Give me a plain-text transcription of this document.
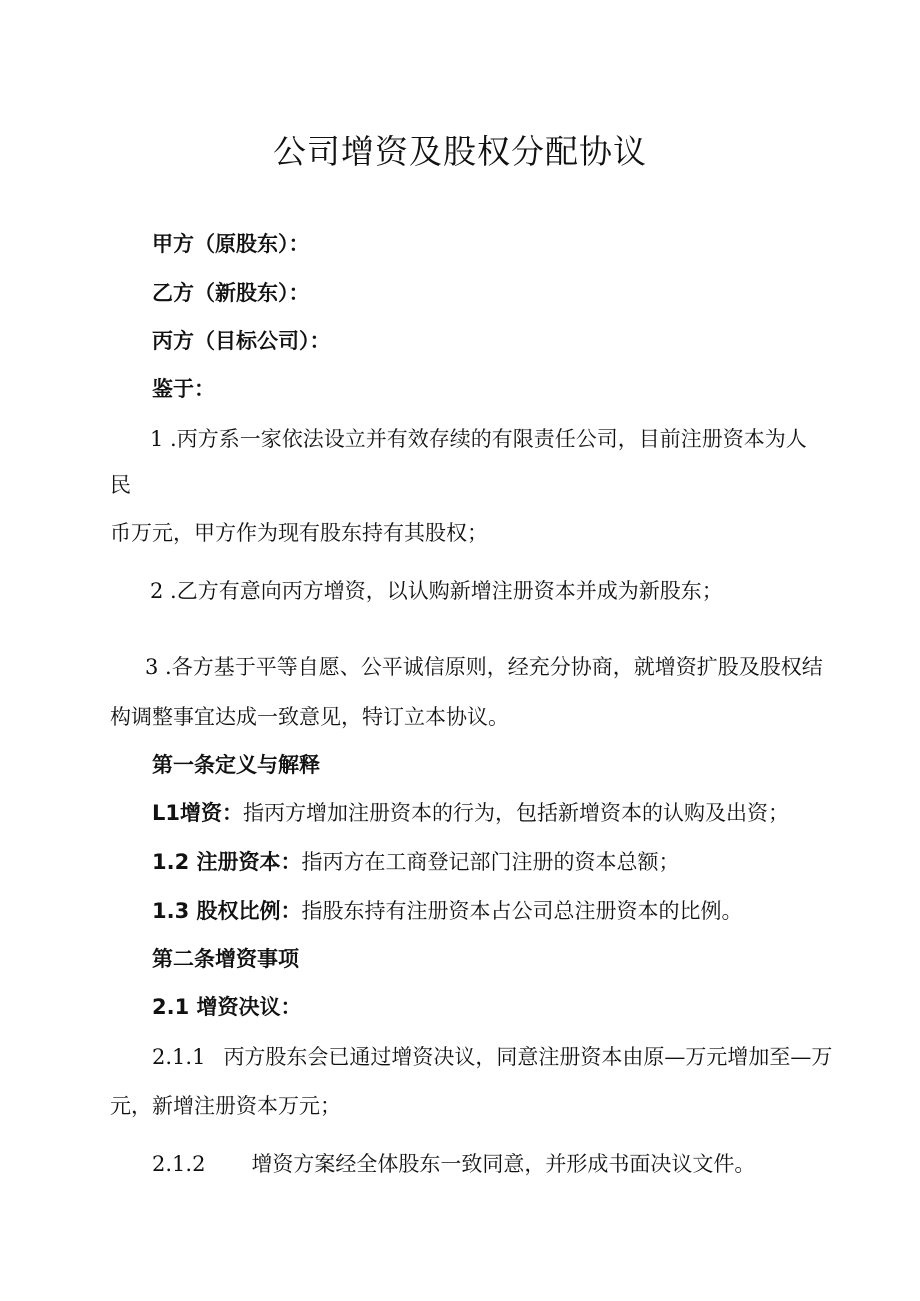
公司增资及股权分配协议
甲方（原股东）：
乙方（新股东）：
丙方（目标公司）：
鉴于：
1 .丙方系一家依法设立并有效存续的有限责任公司，目前注册资本为人
民
币万元，甲方作为现有股东持有其股权；
2 .乙方有意向丙方增资，以认购新增注册资本并成为新股东；
3 .各方基于平等自愿、公平诚信原则，经充分协商，就增资扩股及股权结
构调整事宜达成一致意见，特订立本协议。
第一条定义与解释
L1增资：指丙方增加注册资本的行为，包括新增资本的认购及出资；
1.2 注册资本：指丙方在工商登记部门注册的资本总额；
1.3 股权比例：指股东持有注册资本占公司总注册资本的比例。
第二条增资事项
2.1 增资决议：
2.1.1 丙方股东会已通过增资决议，同意注册资本由原—万元增加至—万
元，新增注册资本万元；
2.1.2 增资方案经全体股东一致同意，并形成书面决议文件。
